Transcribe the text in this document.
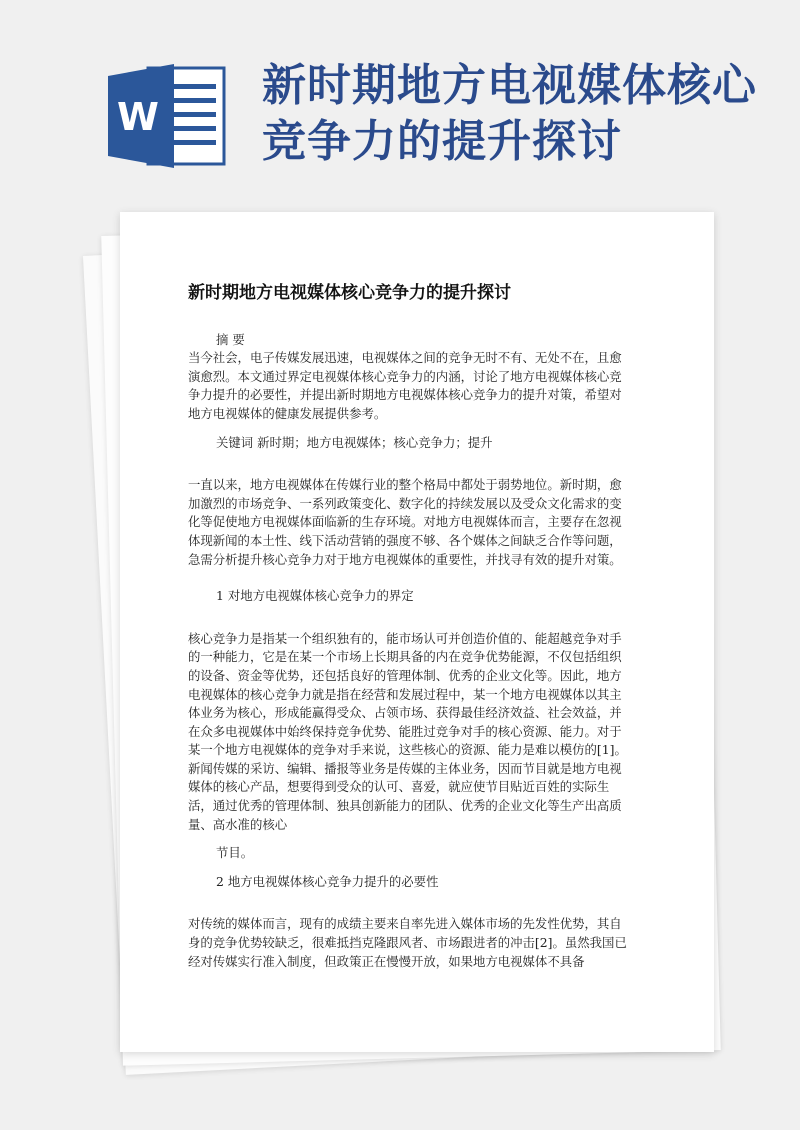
W
新时期地方电视媒体核心竞争力的提升探讨
新时期地方电视媒体核心竞争力的提升探讨

摘 要

当今社会，电子传媒发展迅速，电视媒体之间的竞争无时不有、无处不在，且愈演愈烈。本文通过界定电视媒体核心竞争力的内涵，讨论了地方电视媒体核心竞争力提升的必要性，并提出新时期地方电视媒体核心竞争力的提升对策，希望对地方电视媒体的健康发展提供参考。

关键词 新时期；地方电视媒体；核心竞争力；提升

一直以来，地方电视媒体在传媒行业的整个格局中都处于弱势地位。新时期，愈加激烈的市场竞争、一系列政策变化、数字化的持续发展以及受众文化需求的变化等促使地方电视媒体面临新的生存环境。对地方电视媒体而言，主要存在忽视体现新闻的本土性、线下活动营销的强度不够、各个媒体之间缺乏合作等问题，急需分析提升核心竞争力对于地方电视媒体的重要性，并找寻有效的提升对策。

1 对地方电视媒体核心竞争力的界定

核心竞争力是指某一个组织独有的，能市场认可并创造价值的、能超越竞争对手的一种能力，它是在某一个市场上长期具备的内在竞争优势能源，不仅包括组织的设备、资金等优势，还包括良好的管理体制、优秀的企业文化等。因此，地方电视媒体的核心竞争力就是指在经营和发展过程中，某一个地方电视媒体以其主体业务为核心，形成能赢得受众、占领市场、获得最佳经济效益、社会效益，并在众多电视媒体中始终保持竞争优势、能胜过竞争对手的核心资源、能力。对于某一个地方电视媒体的竞争对手来说，这些核心的资源、能力是难以模仿的[1]。新闻传媒的采访、编辑、播报等业务是传媒的主体业务，因而节目就是地方电视媒体的核心产品，想要得到受众的认可、喜爱，就应使节目贴近百姓的实际生活，通过优秀的管理体制、独具创新能力的团队、优秀的企业文化等生产出高质量、高水准的核心

节目。

2 地方电视媒体核心竞争力提升的必要性

对传统的媒体而言，现有的成绩主要来自率先进入媒体市场的先发性优势，其自身的竞争优势较缺乏，很难抵挡克隆跟风者、市场跟进者的冲击[2]。虽然我国已经对传媒实行准入制度，但政策正在慢慢开放，如果地方电视媒体不具备
